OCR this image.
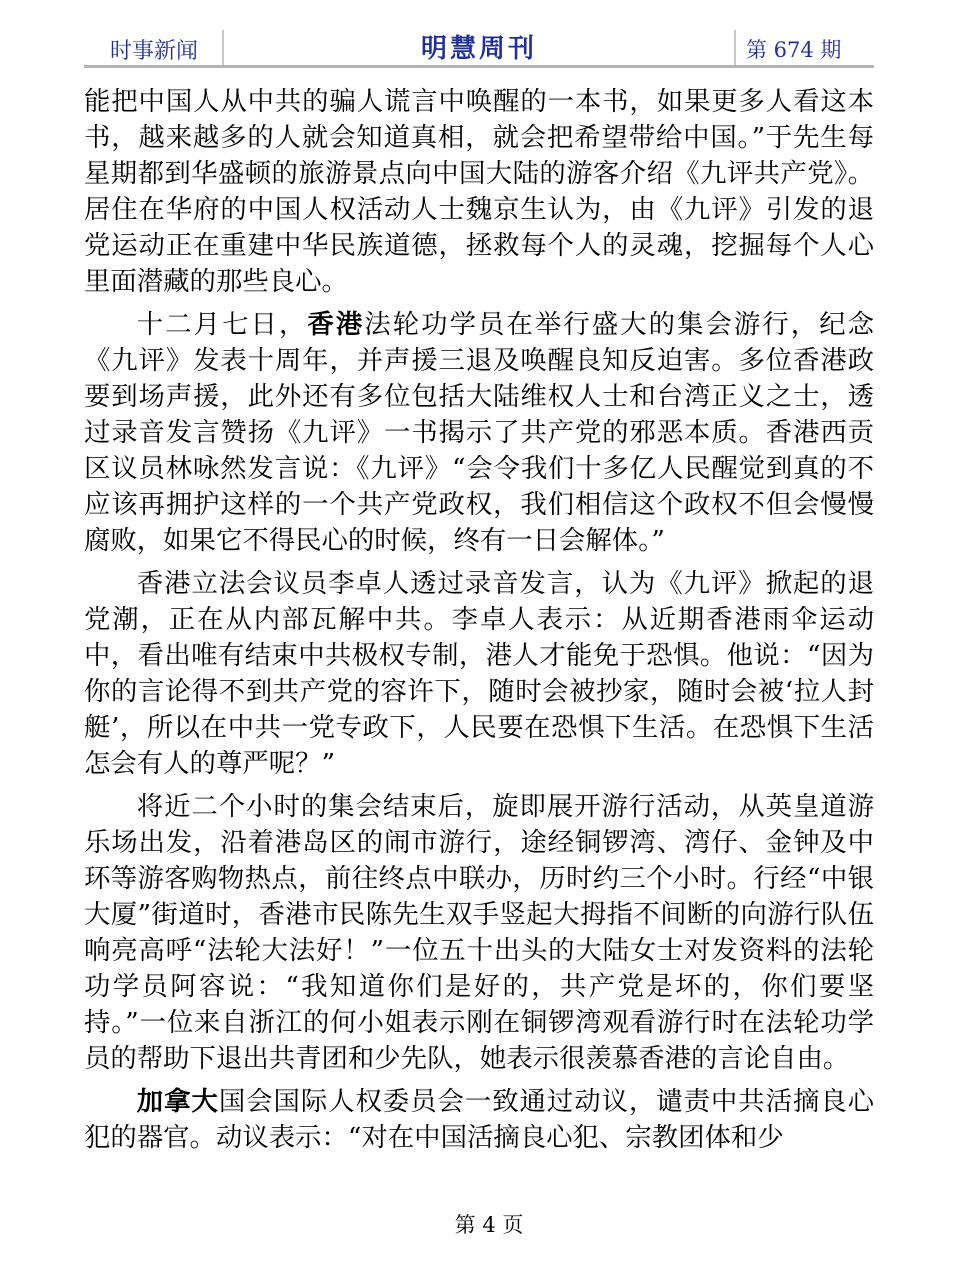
时事新闻	明慧周刊	第 674 期

能把中国人从中共的骗人谎言中唤醒的一本书，如果更多人看这本书，越来越多的人就会知道真相，就会把希望带给中国。”于先生每星期都到华盛顿的旅游景点向中国大陆的游客介绍《九评共产党》。居住在华府的中国人权活动人士魏京生认为，由《九评》引发的退党运动正在重建中华民族道德，拯救每个人的灵魂，挖掘每个人心里面潜藏的那些良心。

十二月七日，香港法轮功学员在举行盛大的集会游行，纪念《九评》发表十周年，并声援三退及唤醒良知反迫害。多位香港政要到场声援，此外还有多位包括大陆维权人士和台湾正义之士，透过录音发言赞扬《九评》一书揭示了共产党的邪恶本质。香港西贡区议员林咏然发言说：《九评》“会令我们十多亿人民醒觉到真的不应该再拥护这样的一个共产党政权，我们相信这个政权不但会慢慢腐败，如果它不得民心的时候，终有一日会解体。”

香港立法会议员李卓人透过录音发言，认为《九评》掀起的退党潮，正在从内部瓦解中共。李卓人表示：从近期香港雨伞运动中，看出唯有结束中共极权专制，港人才能免于恐惧。他说：“因为你的言论得不到共产党的容许下，随时会被抄家，随时会被‘拉人封艇’，所以在中共一党专政下，人民要在恐惧下生活。在恐惧下生活怎会有人的尊严呢？”

将近二个小时的集会结束后，旋即展开游行活动，从英皇道游乐场出发，沿着港岛区的闹市游行，途经铜锣湾、湾仔、金钟及中环等游客购物热点，前往终点中联办，历时约三个小时。行经“中银大厦”街道时，香港市民陈先生双手竖起大拇指不间断的向游行队伍响亮高呼“法轮大法好！”一位五十出头的大陆女士对发资料的法轮功学员阿容说：“我知道你们是好的，共产党是坏的，你们要坚持。”一位来自浙江的何小姐表示刚在铜锣湾观看游行时在法轮功学员的帮助下退出共青团和少先队，她表示很羡慕香港的言论自由。

加拿大国会国际人权委员会一致通过动议，谴责中共活摘良心犯的器官。动议表示：“对在中国活摘良心犯、宗教团体和少

第 4 页
